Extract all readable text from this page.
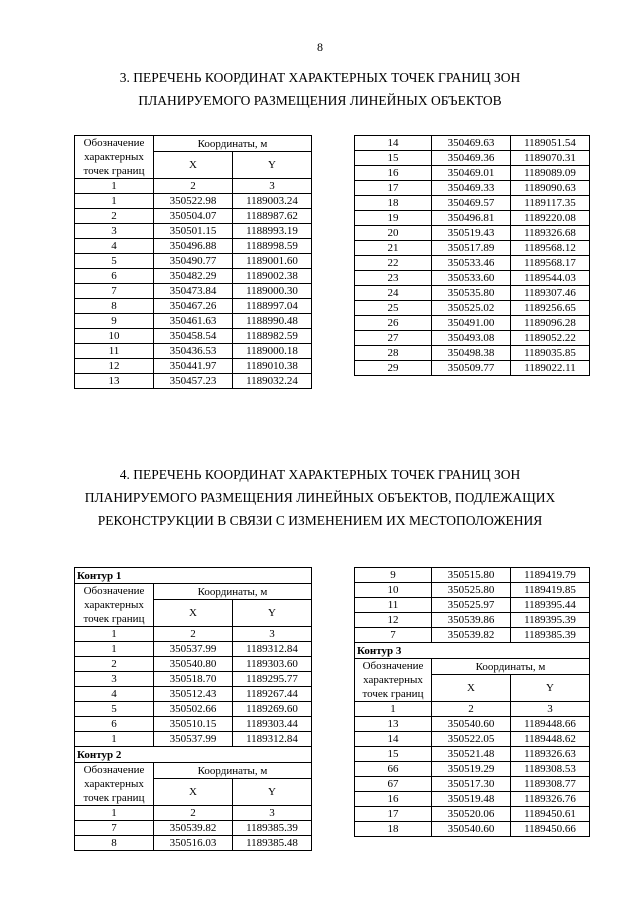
8
3. ПЕРЕЧЕНЬ КООРДИНАТ ХАРАКТЕРНЫХ ТОЧЕК ГРАНИЦ ЗОН
ПЛАНИРУЕМОГО РАЗМЕЩЕНИЯ ЛИНЕЙНЫХ ОБЪЕКТОВ
Обозначение
характерных
точек границ	Координаты, м	
	X	Y
1	2	3
1	350522.98	1189003.24
2	350504.07	1188987.62
3	350501.15	1188993.19
4	350496.88	1188998.59
5	350490.77	1189001.60
6	350482.29	1189002.38
7	350473.84	1189000.30
8	350467.26	1188997.04
9	350461.63	1188990.48
10	350458.54	1188982.59
11	350436.53	1189000.18
12	350441.97	1189010.38
13	350457.23	1189032.24
14	350469.63	1189051.54
15	350469.36	1189070.31
16	350469.01	1189089.09
17	350469.33	1189090.63
18	350469.57	1189117.35
19	350496.81	1189220.08
20	350519.43	1189326.68
21	350517.89	1189568.12
22	350533.46	1189568.17
23	350533.60	1189544.03
24	350535.80	1189307.46
25	350525.02	1189256.65
26	350491.00	1189096.28
27	350493.08	1189052.22
28	350498.38	1189035.85
29	350509.77	1189022.11
4. ПЕРЕЧЕНЬ КООРДИНАТ ХАРАКТЕРНЫХ ТОЧЕК ГРАНИЦ ЗОН
ПЛАНИРУЕМОГО РАЗМЕЩЕНИЯ ЛИНЕЙНЫХ ОБЪЕКТОВ, ПОДЛЕЖАЩИХ
РЕКОНСТРУКЦИИ В СВЯЗИ С ИЗМЕНЕНИЕМ ИХ МЕСТОПОЛОЖЕНИЯ
Контур 1		

Обозначение
характерных
точек границ	Координаты, м	
	X	Y
1	2	3
1	350537.99	1189312.84
2	350540.80	1189303.60
3	350518.70	1189295.77
4	350512.43	1189267.44
5	350502.66	1189269.60
6	350510.15	1189303.44
1	350537.99	1189312.84
Контур 2		

Обозначение
характерных
точек границ	Координаты, м	
	X	Y
1	2	3
7	350539.82	1189385.39
8	350516.03	1189385.48
9	350515.80	1189419.79
10	350525.80	1189419.85
11	350525.97	1189395.44
12	350539.86	1189395.39
7	350539.82	1189385.39
Контур 3		

Обозначение
характерных
точек границ	Координаты, м	
	X	Y
1	2	3
13	350540.60	1189448.66
14	350522.05	1189448.62
15	350521.48	1189326.63
66	350519.29	1189308.53
67	350517.30	1189308.77
16	350519.48	1189326.76
17	350520.06	1189450.61
18	350540.60	1189450.66
